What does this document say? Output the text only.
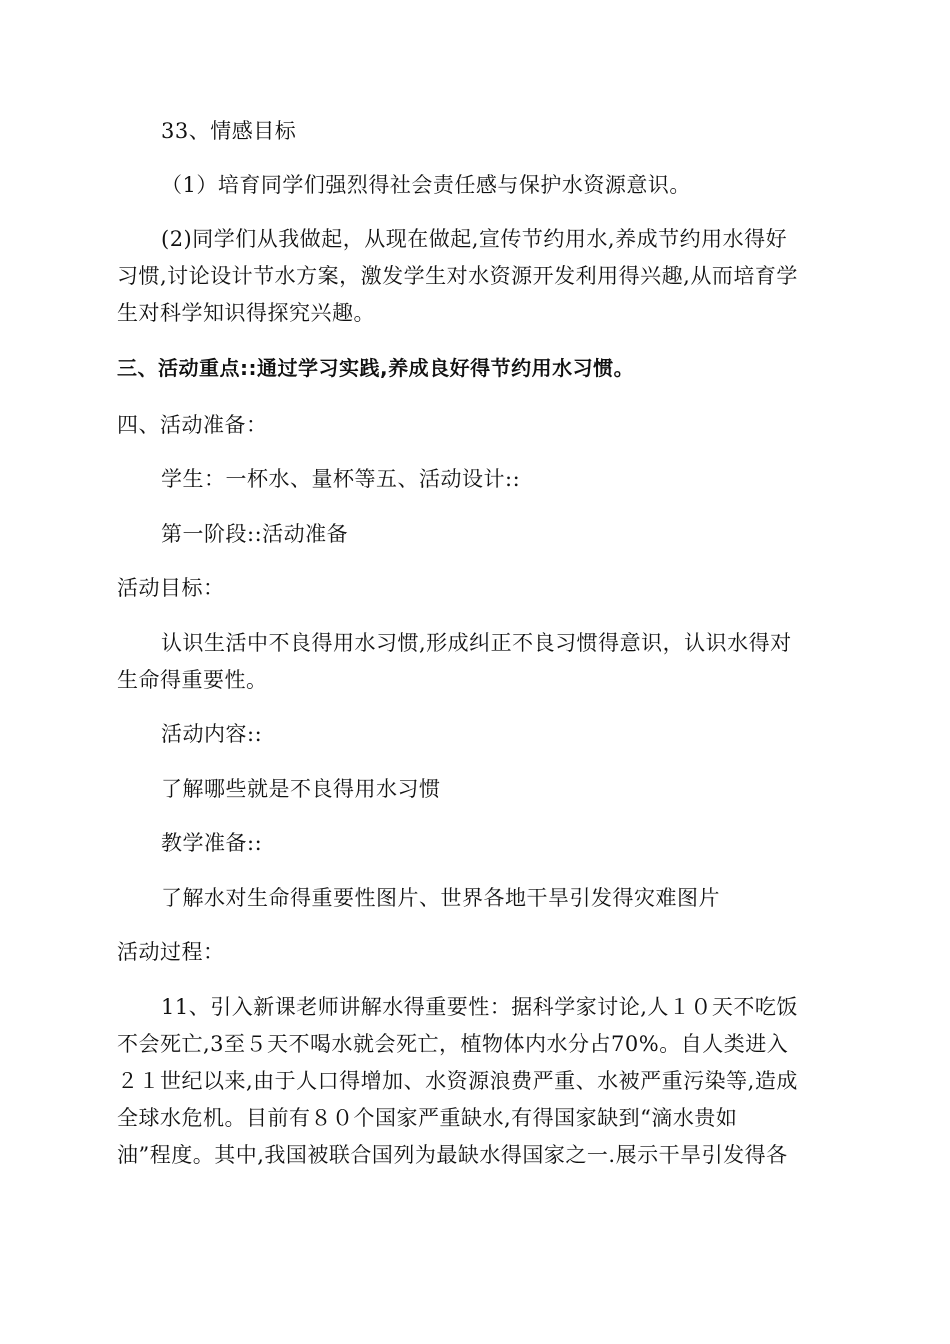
33、情感目标
（1）培育同学们强烈得社会责任感与保护水资源意识。
(2)同学们从我做起，从现在做起,宣传节约用水,养成节约用水得好
习惯,讨论设计节水方案，激发学生对水资源开发利用得兴趣,从而培育学
生对科学知识得探究兴趣。
三、活动重点::通过学习实践,养成良好得节约用水习惯。
四、活动准备：
学生：一杯水、量杯等五、活动设计::
第一阶段::活动准备
活动目标：
认识生活中不良得用水习惯,形成纠正不良习惯得意识，认识水得对
生命得重要性。
活动内容::
了解哪些就是不良得用水习惯
教学准备::
了解水对生命得重要性图片、世界各地干旱引发得灾难图片
活动过程：
11、引入新课老师讲解水得重要性：据科学家讨论,人１０天不吃饭
不会死亡,3至５天不喝水就会死亡，植物体内水分占70%。自人类进入
２１世纪以来,由于人口得增加、水资源浪费严重、水被严重污染等,造成
全球水危机。目前有８０个国家严重缺水,有得国家缺到“滴水贵如
油”程度。其中,我国被联合国列为最缺水得国家之一.展示干旱引发得各
